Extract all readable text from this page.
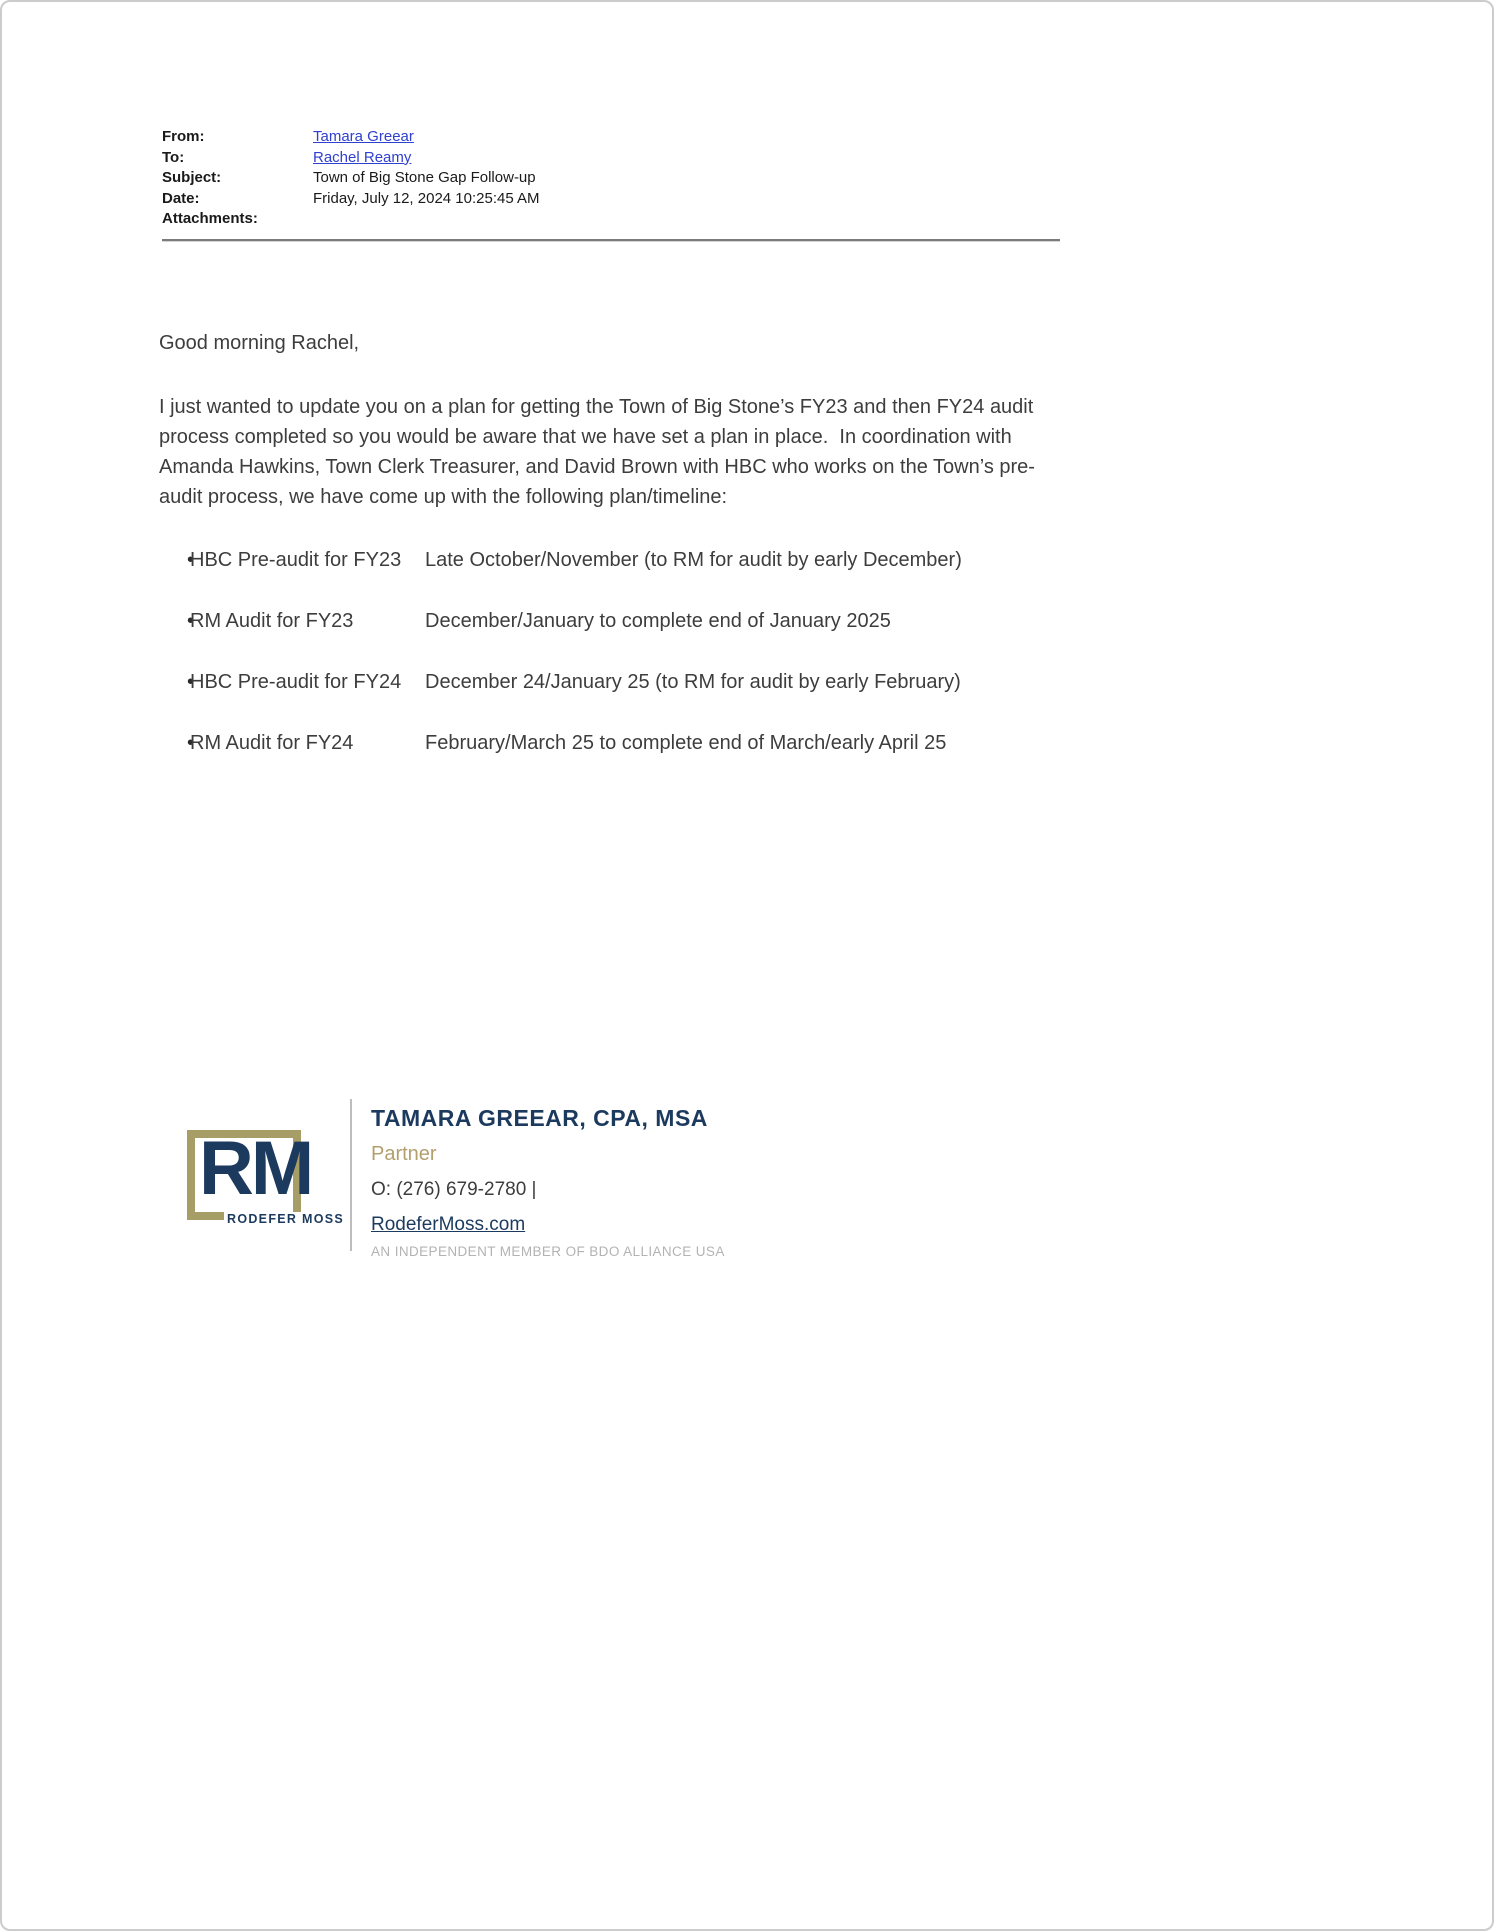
From:	Tamara Greear
To:	Rachel Reamy
Subject:	Town of Big Stone Gap Follow-up
Date:	Friday, July 12, 2024 10:25:45 AM
Attachments:
Good morning Rachel,
I just wanted to update you on a plan for getting the Town of Big Stone’s FY23 and then FY24 audit process completed so you would be aware that we have set a plan in place.  In coordination with Amanda Hawkins, Town Clerk Treasurer, and David Brown with HBC who works on the Town’s pre-audit process, we have come up with the following plan/timeline:
•
HBC Pre-audit for FY23	Late October/November (to RM for audit by early December)
•
RM Audit for FY23	December/January to complete end of January 2025
•
HBC Pre-audit for FY24	December 24/January 25 (to RM for audit by early February)
•
RM Audit for FY24	February/March 25 to complete end of March/early April 25
RM
RODEFER MOSS
TAMARA GREEAR, CPA, MSA
Partner
O: (276) 679-2780 |
RodeferMoss.com
AN INDEPENDENT MEMBER OF BDO ALLIANCE USA
